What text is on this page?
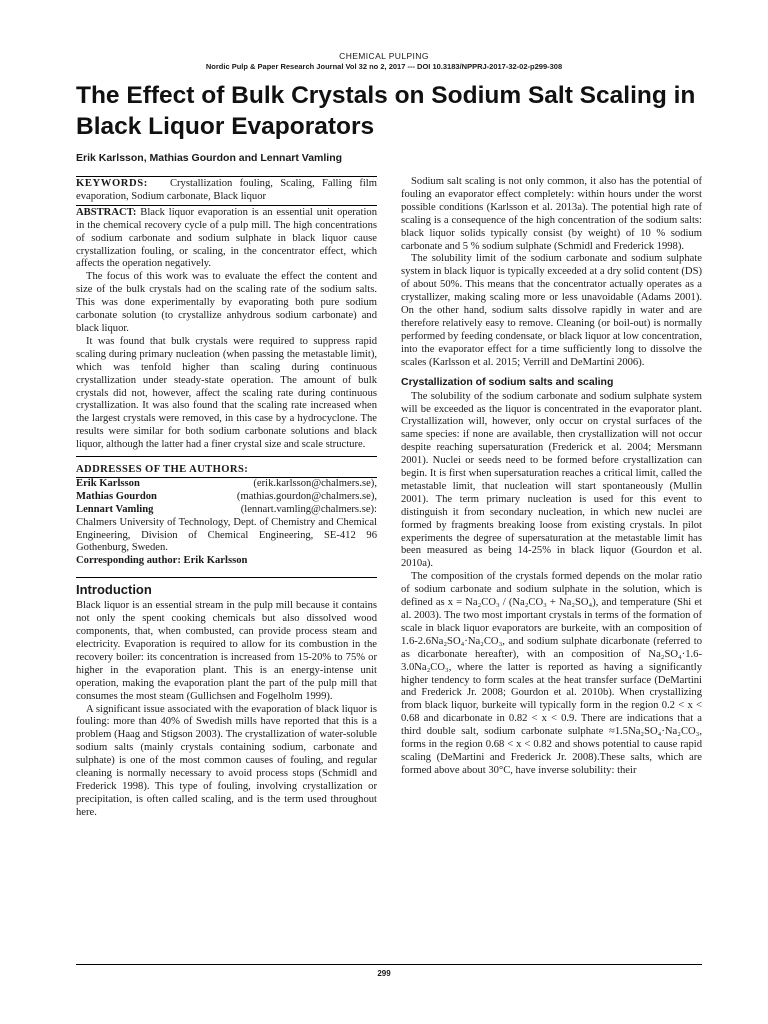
CHEMICAL PULPING
Nordic Pulp & Paper Research Journal Vol 32 no 2, 2017 --- DOI 10.3183/NPPRJ-2017-32-02-p299-308
The Effect of Bulk Crystals on Sodium Salt Scaling in Black Liquor Evaporators

Erik Karlsson, Mathias Gourdon and Lennart Vamling

KEYWORDS: Crystallization fouling, Scaling, Falling film evaporation, Sodium carbonate, Black liquor

ABSTRACT: Black liquor evaporation is an essential unit operation in the chemical recovery cycle of a pulp mill. The high concentrations of sodium carbonate and sodium sulphate in black liquor cause crystallization fouling, or scaling, in the concentrator effect, which affects the operation negatively.

The focus of this work was to evaluate the effect the content and size of the bulk crystals had on the scaling rate of the sodium salts. This was done experimentally by evaporating both pure sodium carbonate solution (to crystallize anhydrous sodium carbonate) and black liquor.

It was found that bulk crystals were required to suppress rapid scaling during primary nucleation (when passing the metastable limit), which was tenfold higher than scaling during continuous crystallization under steady-state operation. The amount of bulk crystals did not, however, affect the scaling rate during continuous crystallization. It was also found that the scaling rate increased when the largest crystals were removed, in this case by a hydrocyclone. The results were similar for both sodium carbonate solutions and black liquor, although the latter had a finer crystal size and scale structure.

ADDRESSES OF THE AUTHORS:
Erik Karlsson	(erik.karlsson@chalmers.se),
Mathias Gourdon	(mathias.gourdon@chalmers.se),
Lennart Vamling	(lennart.vamling@chalmers.se):

Chalmers University of Technology, Dept. of Chemistry and Chemical Engineering, Division of Chemical Engineering, SE-412 96 Gothenburg, Sweden.

Corresponding author: Erik Karlsson

Introduction

Black liquor is an essential stream in the pulp mill because it contains not only the spent cooking chemicals but also dissolved wood components, that, when combusted, can provide process steam and electricity. Evaporation is required to allow for its combustion in the recovery boiler: its concentration is increased from 15-20% to 75% or higher in the evaporation plant. This is an energy-intense unit operation, making the evaporation plant the part of the pulp mill that consumes the most steam (Gullichsen and Fogelholm 1999).

A significant issue associated with the evaporation of black liquor is fouling: more than 40% of Swedish mills have reported that this is a problem (Haag and Stigson 2003). The crystallization of water-soluble sodium salts (mainly crystals containing sodium, carbonate and sulphate) is one of the most common causes of fouling, and regular cleaning is normally necessary to avoid process stops (Schmidl and Frederick 1998). This type of fouling, involving crystallization or precipitation, is often called scaling, and is the term used throughout here.

Sodium salt scaling is not only common, it also has the potential of fouling an evaporator effect completely: within hours under the worst possible conditions (Karlsson et al. 2013a). The potential high rate of scaling is a consequence of the high concentration of the sodium salts: black liquor solids typically consist (by weight) of 10 % sodium carbonate and 5 % sodium sulphate (Schmidl and Frederick 1998).

The solubility limit of the sodium carbonate and sodium sulphate system in black liquor is typically exceeded at a dry solid content (DS) of about 50%. This means that the concentrator actually operates as a crystallizer, making scaling more or less unavoidable (Adams 2001). On the other hand, sodium salts dissolve rapidly in water and are therefore relatively easy to remove. Cleaning (or boil-out) is normally performed by feeding condensate, or black liquor at low concentration, into the evaporator effect for a time sufficiently long to dissolve the scales (Karlsson et al. 2015; Verrill and DeMartini 2006).

Crystallization of sodium salts and scaling

The solubility of the sodium carbonate and sodium sulphate system will be exceeded as the liquor is concentrated in the evaporator plant. Crystallization will, however, only occur on crystal surfaces of the same species: if none are available, then crystallization will not occur despite reaching supersaturation (Frederick et al. 2004; Mersmann 2001). Nuclei or seeds need to be formed before crystallization can begin. It is first when supersaturation reaches a critical limit, called the metastable limit, that nucleation will start spontaneously (Mullin 2001). The term primary nucleation is used for this event to distinguish it from secondary nucleation, in which new nuclei are formed by fragments breaking loose from existing crystals. In pilot experiments the degree of supersaturation at the metastable limit has been measured as being 14-25% in black liquor (Gourdon et al. 2010a).

The composition of the crystals formed depends on the molar ratio of sodium carbonate and sodium sulphate in the solution, which is defined as x = Na₂CO₃ / (Na₂CO₃ + Na₂SO₄), and temperature (Shi et al. 2003). The two most important crystals in terms of the formation of scale in black liquor evaporators are burkeite, with an composition of 1.6-2.6Na₂SO₄·Na₂CO₃, and sodium sulphate dicarbonate (referred to as dicarbonate hereafter), with an composition of Na₂SO₄·1.6-3.0Na₂CO₃, where the latter is reported as having a significantly higher tendency to form scales at the heat transfer surface (DeMartini and Frederick Jr. 2008; Gourdon et al. 2010b). When crystallizing from black liquor, burkeite will typically form in the region 0.2 < x < 0.68 and dicarbonate in 0.82 < x < 0.9. There are indications that a third double salt, sodium carbonate sulphate ≈1.5Na₂SO₄·Na₂CO₃, forms in the region 0.68 < x < 0.82 and shows potential to cause rapid scaling (DeMartini and Frederick Jr. 2008).These salts, which are formed above about 30°C, have inverse solubility: their

299
